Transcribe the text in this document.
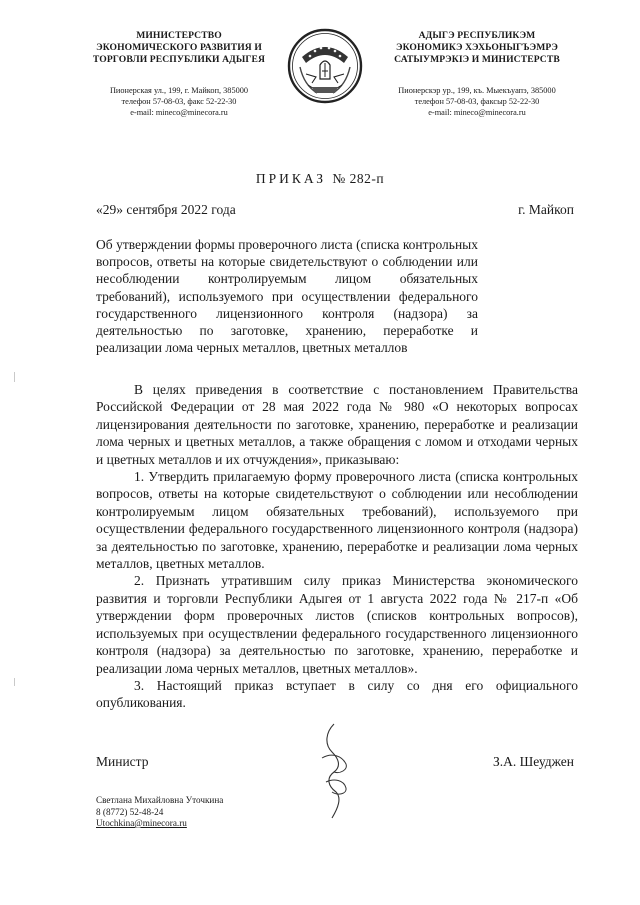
МИНИСТЕРСТВО
ЭКОНОМИЧЕСКОГО РАЗВИТИЯ И
ТОРГОВЛИ РЕСПУБЛИКИ АДЫГЕЯ
Пионерская ул., 199, г. Майкоп, 385000
телефон 57-08-03, факс 52-22-30
e-mail: mineco@minecora.ru
АДЫГЭ РЕСПУБЛИКЭМ
ЭКОНОМИКЭ ХЭХЬОНЫГЪЭМРЭ
САТЫУМРЭКІЭ И МИНИСТЕРСТВ
Пионерскэр ур., 199, къ. Мыекъуапэ, 385000
телефон 57-08-03, факсыр 52-22-30
e-mail: mineco@minecora.ru
ПРИКАЗ № 282-п
«29» сентября 2022 года	г. Майкоп
Об утверждении формы проверочного листа (списка контрольных вопросов, ответы на которые свидетельствуют о соблюдении или несоблюдении контролируемым лицом обязательных требований), используемого при осуществлении федерального государственного лицензионного контроля (надзора) за деятельностью по заготовке, хранению, переработке и реализации лома черных металлов, цветных металлов

В целях приведения в соответствие с постановлением Правительства Российской Федерации от 28 мая 2022 года № 980 «О некоторых вопросах лицензирования деятельности по заготовке, хранению, переработке и реализации лома черных и цветных металлов, а также обращения с ломом и отходами черных и цветных металлов и их отчуждения», приказываю:

1. Утвердить прилагаемую форму проверочного листа (списка контрольных вопросов, ответы на которые свидетельствуют о соблюдении или несоблюдении контролируемым лицом обязательных требований), используемого при осуществлении федерального государственного лицензионного контроля (надзора) за деятельностью по заготовке, хранению, переработке и реализации лома черных металлов, цветных металлов.

2. Признать утратившим силу приказ Министерства экономического развития и торговли Республики Адыгея от 1 августа 2022 года № 217-п «Об утверждении форм проверочных листов (списков контрольных вопросов), используемых при осуществлении федерального государственного лицензионного контроля (надзора) за деятельностью по заготовке, хранению, переработке и реализации лома черных металлов, цветных металлов».

3. Настоящий приказ вступает в силу со дня его официального опубликования.

Министр	З.А. Шеуджен
Светлана Михайловна Уточкина
8 (8772) 52-48-24
Utochkina@minecora.ru
